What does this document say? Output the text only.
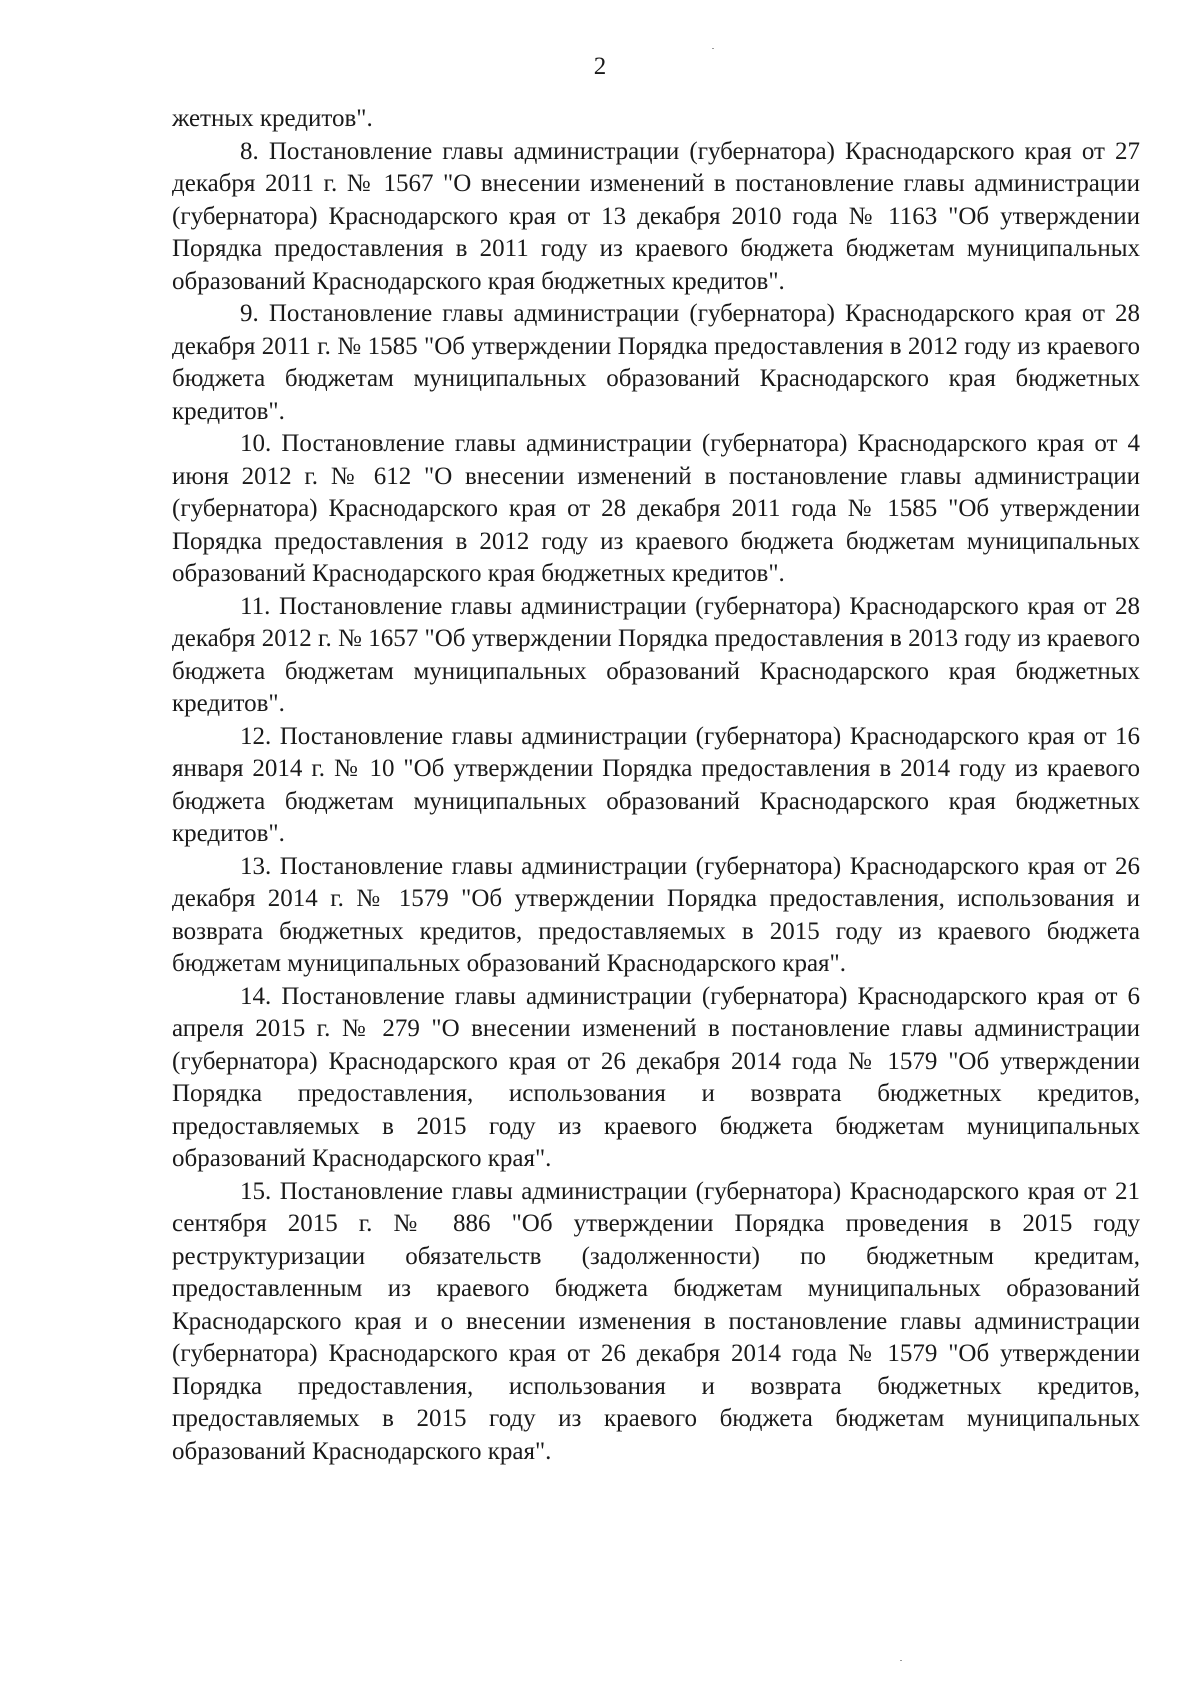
2

жетных кредитов".

8. Постановление главы администрации (губернатора) Краснодарского края от 27 декабря 2011 г. № 1567 "О внесении изменений в постановление главы администрации (губернатора) Краснодарского края от 13 декабря 2010 года № 1163 "Об утверждении Порядка предоставления в 2011 году из краевого бюджета бюджетам муниципальных образований Краснодарского края бюджетных кредитов".

9. Постановление главы администрации (губернатора) Краснодарского края от 28 декабря 2011 г. № 1585 "Об утверждении Порядка предоставления в 2012 году из краевого бюджета бюджетам муниципальных образований Краснодарского края бюджетных кредитов".

10. Постановление главы администрации (губернатора) Краснодарского края от 4 июня 2012 г. № 612 "О внесении изменений в постановление главы администрации (губернатора) Краснодарского края от 28 декабря 2011 года № 1585 "Об утверждении Порядка предоставления в 2012 году из краевого бюджета бюджетам муниципальных образований Краснодарского края бюджетных кредитов".

11. Постановление главы администрации (губернатора) Краснодарского края от 28 декабря 2012 г. № 1657 "Об утверждении Порядка предоставления в 2013 году из краевого бюджета бюджетам муниципальных образований Краснодарского края бюджетных кредитов".

12. Постановление главы администрации (губернатора) Краснодарского края от 16 января 2014 г. № 10 "Об утверждении Порядка предоставления в 2014 году из краевого бюджета бюджетам муниципальных образований Краснодарского края бюджетных кредитов".

13. Постановление главы администрации (губернатора) Краснодарского края от 26 декабря 2014 г. № 1579 "Об утверждении Порядка предоставления, использования и возврата бюджетных кредитов, предоставляемых в 2015 году из краевого бюджета бюджетам муниципальных образований Краснодарского края".

14. Постановление главы администрации (губернатора) Краснодарского края от 6 апреля 2015 г. № 279 "О внесении изменений в постановление главы администрации (губернатора) Краснодарского края от 26 декабря 2014 года № 1579 "Об утверждении Порядка предоставления, использования и возврата бюджетных кредитов, предоставляемых в 2015 году из краевого бюджета бюджетам муниципальных образований Краснодарского края".

15. Постановление главы администрации (губернатора) Краснодарского края от 21 сентября 2015 г. № 886 "Об утверждении Порядка проведения в 2015 году реструктуризации обязательств (задолженности) по бюджетным кредитам, предоставленным из краевого бюджета бюджетам муниципальных образований Краснодарского края и о внесении изменения в постановление главы администрации (губернатора) Краснодарского края от 26 декабря 2014 года № 1579 "Об утверждении Порядка предоставления, использования и возврата бюджетных кредитов, предоставляемых в 2015 году из краевого бюджета бюджетам муниципальных образований Краснодарского края".
